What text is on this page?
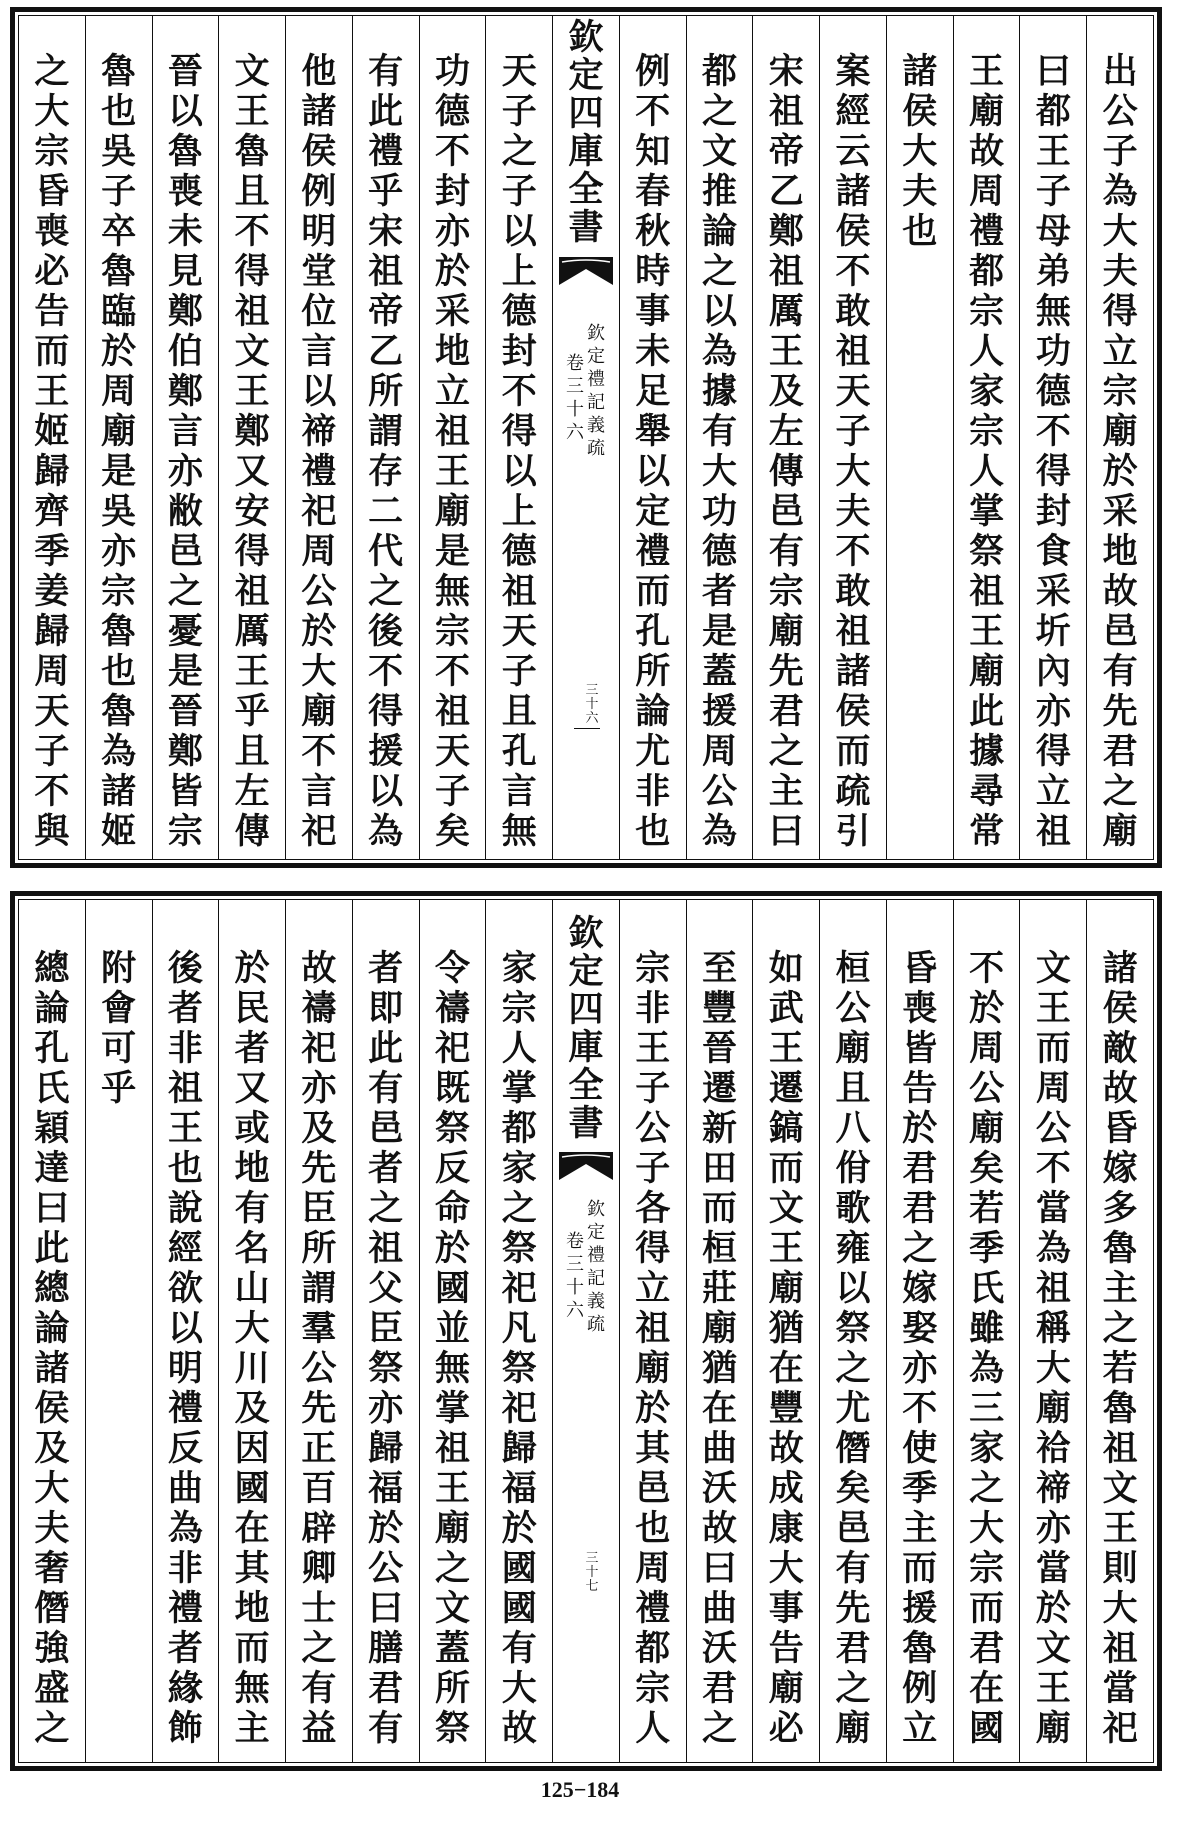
出公子為大夫得立宗廟於采地故邑有先君之廟
曰都王子母弟無功德不得封食采圻內亦得立祖
王廟故周禮都宗人家宗人掌祭祖王廟此據尋常
諸侯大夫也
案經云諸侯不敢祖天子大夫不敢祖諸侯而疏引
宋祖帝乙鄭祖厲王及左傳邑有宗廟先君之主曰
都之文推論之以為據有大功德者是蓋援周公為
例不知春秋時事未足舉以定禮而孔所論尤非也
欽定四庫全書
欽定禮記義疏
卷三十六
三十六
天子之子以上德封不得以上德祖天子且孔言無
功德不封亦於采地立祖王廟是無宗不祖天子矣
有此禮乎宋祖帝乙所謂存二代之後不得援以為
他諸侯例明堂位言以禘禮祀周公於大廟不言祀
文王魯且不得祖文王鄭又安得祖厲王乎且左傳
晉以魯喪未見鄭伯鄭言亦敝邑之憂是晉鄭皆宗
魯也吳子卒魯臨於周廟是吳亦宗魯也魯為諸姬
之大宗昏喪必告而王姬歸齊季姜歸周天子不與
諸侯敵故昏嫁多魯主之若魯祖文王則大祖當祀
文王而周公不當為祖稱大廟祫禘亦當於文王廟
不於周公廟矣若季氏雖為三家之大宗而君在國
昏喪皆告於君君之嫁娶亦不使季主而援魯例立
桓公廟且八佾歌雍以祭之尤僭矣邑有先君之廟
如武王遷鎬而文王廟猶在豐故成康大事告廟必
至豐晉遷新田而桓莊廟猶在曲沃故曰曲沃君之
宗非王子公子各得立祖廟於其邑也周禮都宗人
欽定四庫全書
欽定禮記義疏
卷三十六
三十七
家宗人掌都家之祭祀凡祭祀歸福於國國有大故
令禱祀既祭反命於國並無掌祖王廟之文蓋所祭
者即此有邑者之祖父臣祭亦歸福於公曰膳君有
故禱祀亦及先臣所謂羣公先正百辟卿士之有益
於民者又或地有名山大川及因國在其地而無主
後者非祖王也說經欲以明禮反曲為非禮者緣飾
附會可乎
總論孔氏穎達曰此總論諸侯及大夫奢僭強盛之
125−184
